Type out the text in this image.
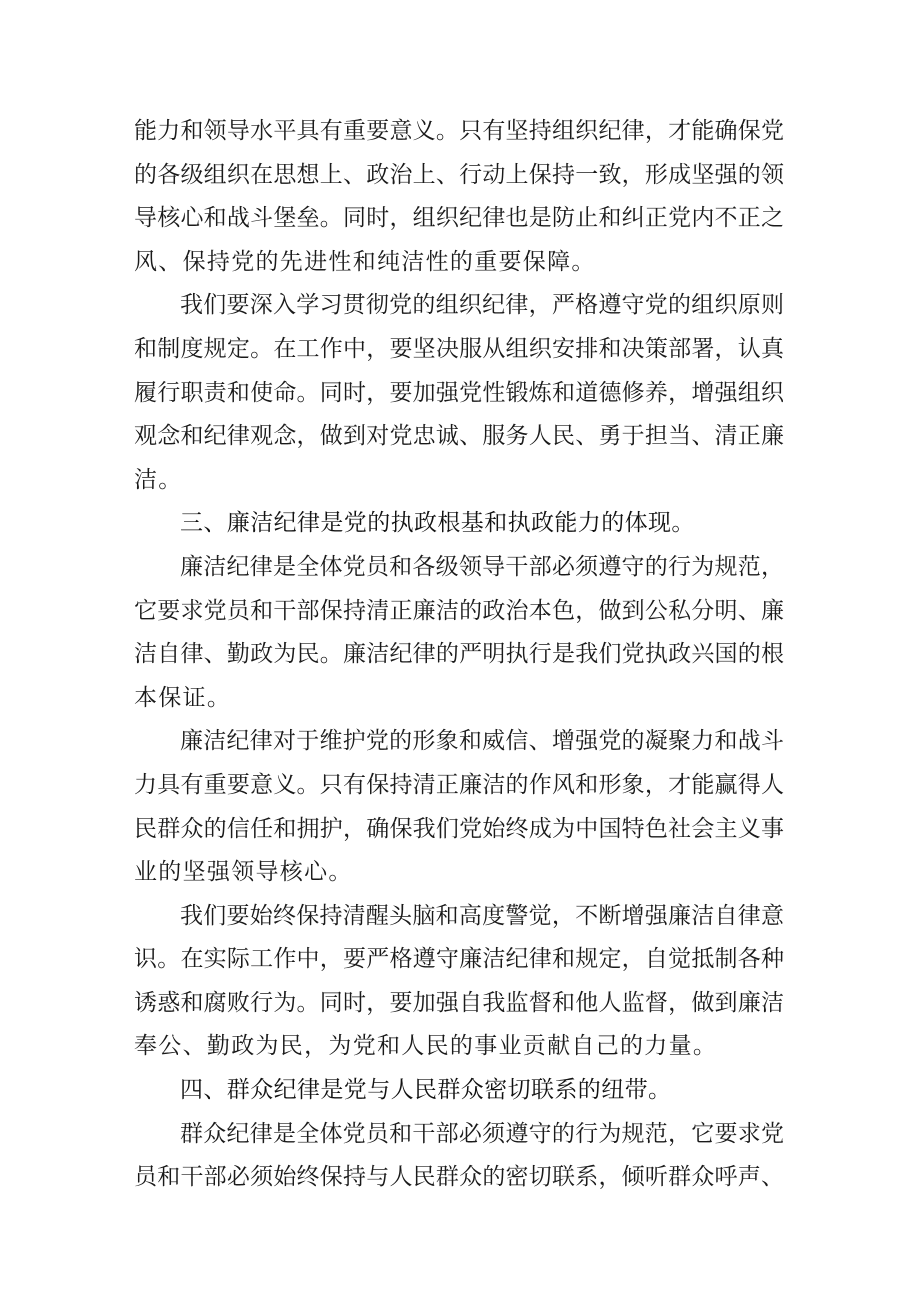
能力和领导水平具有重要意义。只有坚持组织纪律，才能确保党
的各级组织在思想上、政治上、行动上保持一致，形成坚强的领
导核心和战斗堡垒。同时，组织纪律也是防止和纠正党内不正之
风、保持党的先进性和纯洁性的重要保障。
我们要深入学习贯彻党的组织纪律，严格遵守党的组织原则
和制度规定。在工作中，要坚决服从组织安排和决策部署，认真
履行职责和使命。同时，要加强党性锻炼和道德修养，增强组织
观念和纪律观念，做到对党忠诚、服务人民、勇于担当、清正廉
洁。
三、廉洁纪律是党的执政根基和执政能力的体现。
廉洁纪律是全体党员和各级领导干部必须遵守的行为规范，
它要求党员和干部保持清正廉洁的政治本色，做到公私分明、廉
洁自律、勤政为民。廉洁纪律的严明执行是我们党执政兴国的根
本保证。
廉洁纪律对于维护党的形象和威信、增强党的凝聚力和战斗
力具有重要意义。只有保持清正廉洁的作风和形象，才能赢得人
民群众的信任和拥护，确保我们党始终成为中国特色社会主义事
业的坚强领导核心。
我们要始终保持清醒头脑和高度警觉，不断增强廉洁自律意
识。在实际工作中，要严格遵守廉洁纪律和规定，自觉抵制各种
诱惑和腐败行为。同时，要加强自我监督和他人监督，做到廉洁
奉公、勤政为民，为党和人民的事业贡献自己的力量。
四、群众纪律是党与人民群众密切联系的纽带。
群众纪律是全体党员和干部必须遵守的行为规范，它要求党
员和干部必须始终保持与人民群众的密切联系，倾听群众呼声、
